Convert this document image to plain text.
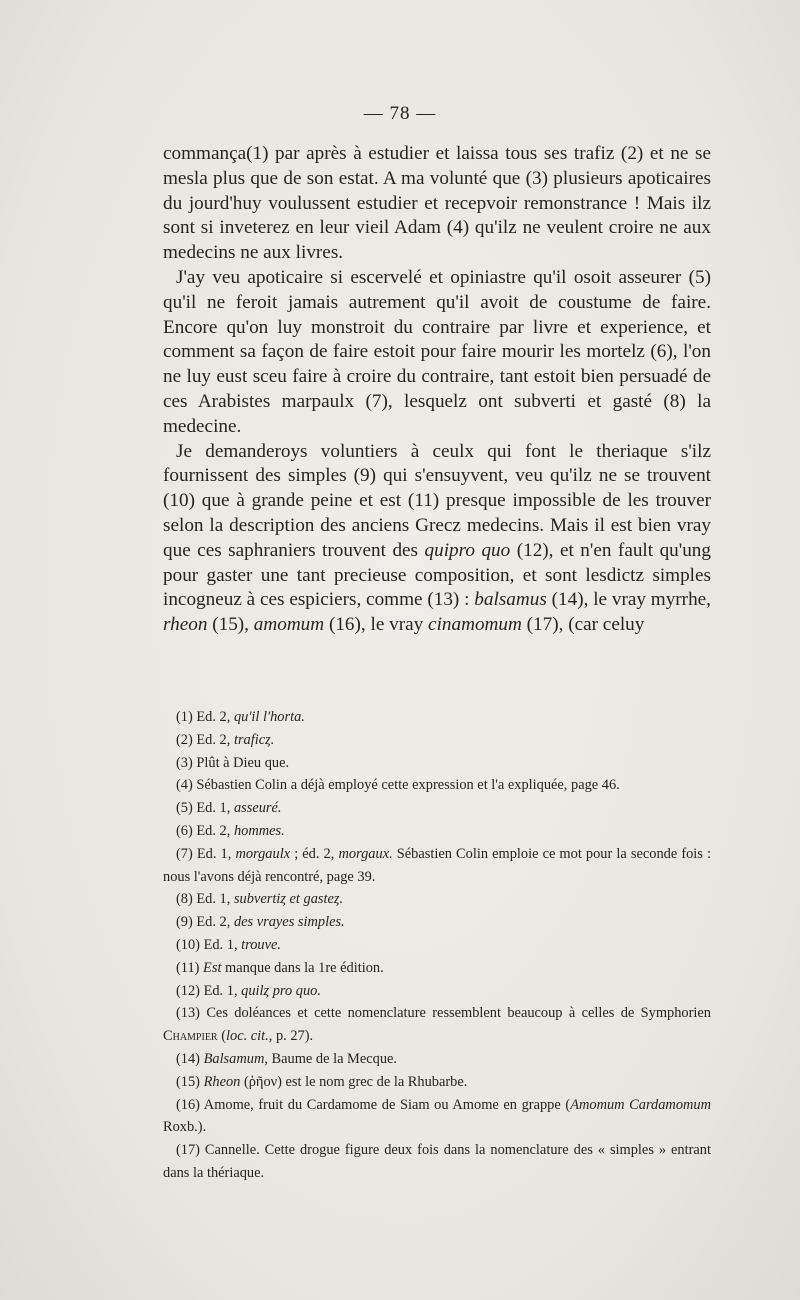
— 78 —

commança(1) par après à estudier et laissa tous ses trafiz (2) et ne se mesla plus que de son estat. A ma volunté que (3) plusieurs apoticaires du jourd'huy voulussent estudier et recepvoir remonstrance ! Mais ilz sont si inveterez en leur vieil Adam (4) qu'ilz ne veulent croire ne aux medecins ne aux livres.

J'ay veu apoticaire si escervelé et opiniastre qu'il osoit asseurer (5) qu'il ne feroit jamais autrement qu'il avoit de coustume de faire. Encore qu'on luy monstroit du contraire par livre et experience, et comment sa façon de faire estoit pour faire mourir les mortelz (6), l'on ne luy eust sceu faire à croire du contraire, tant estoit bien persuadé de ces Arabistes marpaulx (7), lesquelz ont subverti et gasté (8) la medecine.

Je demanderoys voluntiers à ceulx qui font le theriaque s'ilz fournissent des simples (9) qui s'ensuyvent, veu qu'ilz ne se trouvent (10) que à grande peine et est (11) presque impossible de les trouver selon la description des anciens Grecz medecins. Mais il est bien vray que ces saphraniers trouvent des quipro quo (12), et n'en fault qu'ung pour gaster une tant precieuse composition, et sont lesdictz simples incogneuz à ces espiciers, comme (13) : balsamus (14), le vray myrrhe, rheon (15), amomum (16), le vray cinamomum (17), (car celuy

(1) Ed. 2, qu'il l'horta.

(2) Ed. 2, traficȥ.

(3) Plût à Dieu que.

(4) Sébastien Colin a déjà employé cette expression et l'a expliquée, page 46.

(5) Ed. 1, asseuré.

(6) Ed. 2, hommes.

(7) Ed. 1, morgaulx ; éd. 2, morgaux. Sébastien Colin emploie ce mot pour la seconde fois : nous l'avons déjà rencontré, page 39.

(8) Ed. 1, subvertiȥ et gasteȥ.

(9) Ed. 2, des vrayes simples.

(10) Ed. 1, trouve.

(11) Est manque dans la 1re édition.

(12) Ed. 1, quilȥ pro quo.

(13) Ces doléances et cette nomenclature ressemblent beaucoup à celles de Symphorien Champier (loc. cit., p. 27).

(14) Balsamum, Baume de la Mecque.

(15) Rheon (ῥῆον) est le nom grec de la Rhubarbe.

(16) Amome, fruit du Cardamome de Siam ou Amome en grappe (Amomum Cardamomum Roxb.).

(17) Cannelle. Cette drogue figure deux fois dans la nomenclature des « simples » entrant dans la thériaque.
